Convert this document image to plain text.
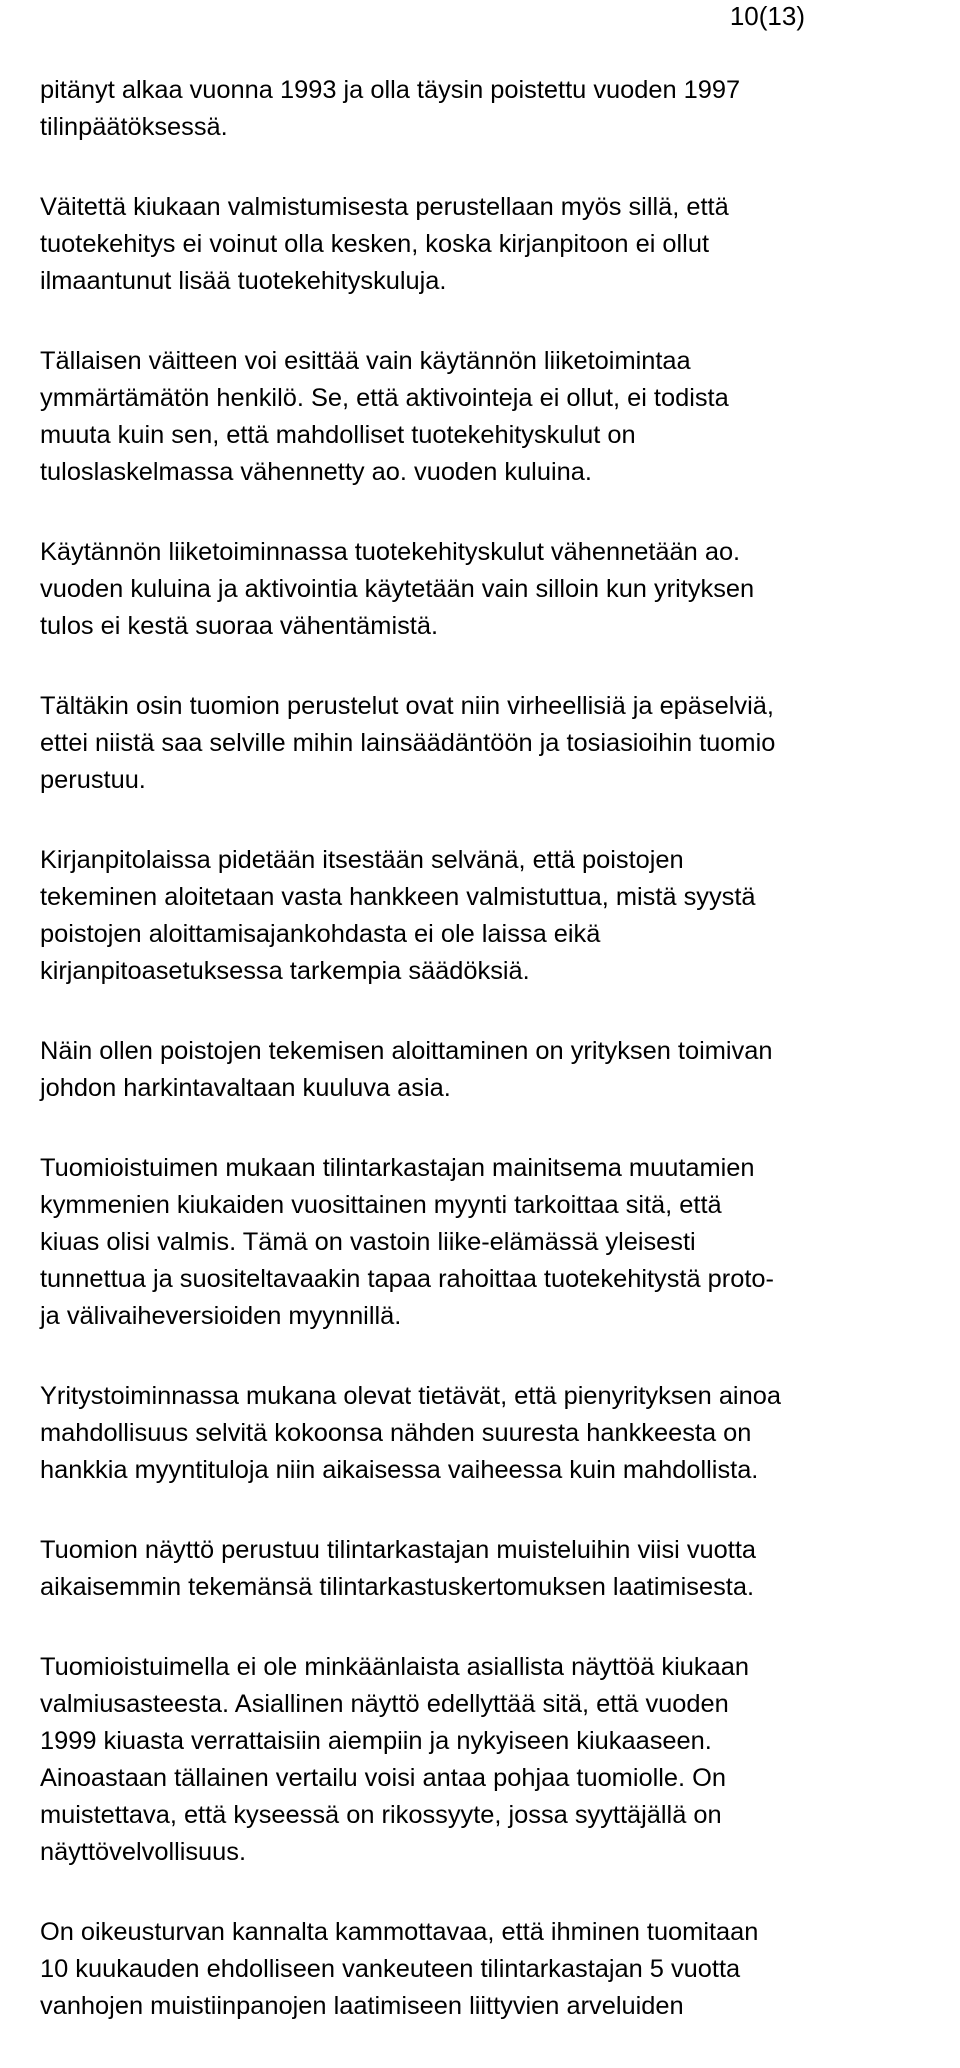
10(13)

pitänyt alkaa vuonna 1993 ja olla täysin poistettu vuoden 1997
tilinpäätöksessä.

Väitettä kiukaan valmistumisesta perustellaan myös sillä, että
tuotekehitys ei voinut olla kesken, koska kirjanpitoon ei ollut
ilmaantunut lisää tuotekehityskuluja.

Tällaisen väitteen voi esittää vain käytännön liiketoimintaa
ymmärtämätön henkilö. Se, että aktivointeja ei ollut, ei todista
muuta kuin sen, että mahdolliset tuotekehityskulut on
tuloslaskelmassa vähennetty ao. vuoden kuluina.

Käytännön liiketoiminnassa tuotekehityskulut vähennetään ao.
vuoden kuluina ja aktivointia käytetään vain silloin kun yrityksen
tulos ei kestä suoraa vähentämistä.

Tältäkin osin tuomion perustelut ovat niin virheellisiä ja epäselviä,
ettei niistä saa selville mihin lainsäädäntöön ja tosiasioihin tuomio
perustuu.

Kirjanpitolaissa pidetään itsestään selvänä, että poistojen
tekeminen aloitetaan vasta hankkeen valmistuttua, mistä syystä
poistojen aloittamisajankohdasta ei ole laissa eikä
kirjanpitoasetuksessa tarkempia säädöksiä.

Näin ollen poistojen tekemisen aloittaminen on yrityksen toimivan
johdon harkintavaltaan kuuluva asia.

Tuomioistuimen mukaan tilintarkastajan mainitsema muutamien
kymmenien kiukaiden vuosittainen myynti tarkoittaa sitä, että
kiuas olisi valmis. Tämä on vastoin liike-elämässä yleisesti
tunnettua ja suositeltavaakin tapaa rahoittaa tuotekehitystä proto-
ja välivaiheversioiden myynnillä.

Yritystoiminnassa mukana olevat tietävät, että pienyrityksen ainoa
mahdollisuus selvitä kokoonsa nähden suuresta hankkeesta on
hankkia myyntituloja niin aikaisessa vaiheessa kuin mahdollista.

Tuomion näyttö perustuu tilintarkastajan muisteluihin viisi vuotta
aikaisemmin tekemänsä tilintarkastuskertomuksen laatimisesta.

Tuomioistuimella ei ole minkäänlaista asiallista näyttöä kiukaan
valmiusasteesta. Asiallinen näyttö edellyttää sitä, että vuoden
1999 kiuasta verrattaisiin aiempiin ja nykyiseen kiukaaseen.
Ainoastaan tällainen vertailu voisi antaa pohjaa tuomiolle. On
muistettava, että kyseessä on rikossyyte, jossa syyttäjällä on
näyttövelvollisuus.

On oikeusturvan kannalta kammottavaa, että ihminen tuomitaan
10 kuukauden ehdolliseen vankeuteen tilintarkastajan 5 vuotta
vanhojen muistiinpanojen laatimiseen liittyvien arveluiden
